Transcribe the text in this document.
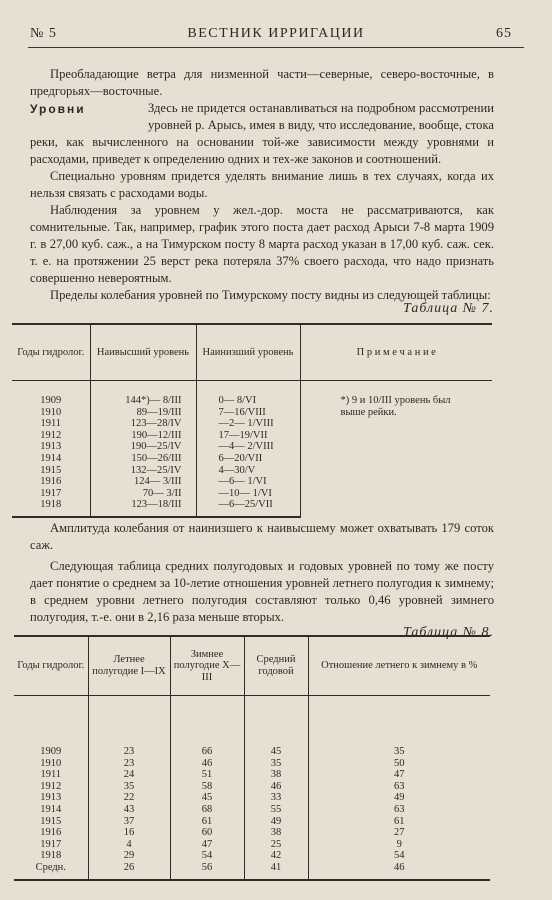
№ 5	ВЕСТНИК ИРРИГАЦИИ	65

Преобладающие ветра для низменной части—северные, северо-восточные, в предгорьях—восточные.

Уровни	Здесь не придется останавливаться на подробном рассмотрении уровней р. Арысь, имея в виду, что исследование, вообще, стока реки, как вычисленного на основании той-же зависимости между уровнями и расходами, приведет к определению одних и тех-же законов и соотношений.

Специально уровням придется уделять внимание лишь в тех случаях, когда их нельзя связать с расходами воды.

Наблюдения за уровнем у жел.-дор. моста не рассматриваются, как сомнительные. Так, например, график этого поста дает расход Арыси 7-8 марта 1909 г. в 27,00 куб. саж., а на Тимурском посту 8 марта расход указан в 17,00 куб. саж. сек. т. е. на протяжении 25 верст река потеряла 37% своего расхода, что надо признать совершенно невероятным.

Пределы колебания уровней по Тимурскому посту видны из следующей таблицы:

Таблица № 7.
Годы гидролог.	Наивысший уровень	Наинизший уровень	П р и м е ч а н и е

1909	144*)— 8/III	0— 8/VI	*) 9 и 10/III уровень был выше рейки.
1910	89—19/III	7—16/VIII	
1911	123—28/IV	—2— 1/VIII	
1912	190—12/III	17—19/VII	
1913	190—25/IV	—4— 2/VIII	
1914	150—26/III	6—20/VII	
1915	132—25/IV	4—30/V	
1916	124— 3/III	—6— 1/VI	
1917	70— 3/II	—10— 1/VI	
1918	123—18/III	—6—25/VII	

Амплитуда колебания от наинизшего к наивысшему может охватывать 179 соток саж.

Следующая таблица средних полугодовых и годовых уровней по тому же посту дает понятие о среднем за 10-летие отношения уровней летнего полугодия к зимнему; в среднем уровни летнего полугодия составляют только 0,46 уровней зимнего полугодия, т.-е. они в 2,16 раза меньше вторых.

Таблица № 8.
Годы гидролог.	Летнее полугодие I—IX	Зимнее полугодие X—III	Средний годовой	Отношение летнего к зимнему в %

1909	23	66	45	35
1910	23	46	35	50
1911	24	51	38	47
1912	35	58	46	63
1913	22	45	33	49
1914	43	68	55	63
1915	37	61	49	61
1916	16	60	38	27
1917	4	47	25	9
1918	29	54	42	54
Средн.	26	56	41	46
